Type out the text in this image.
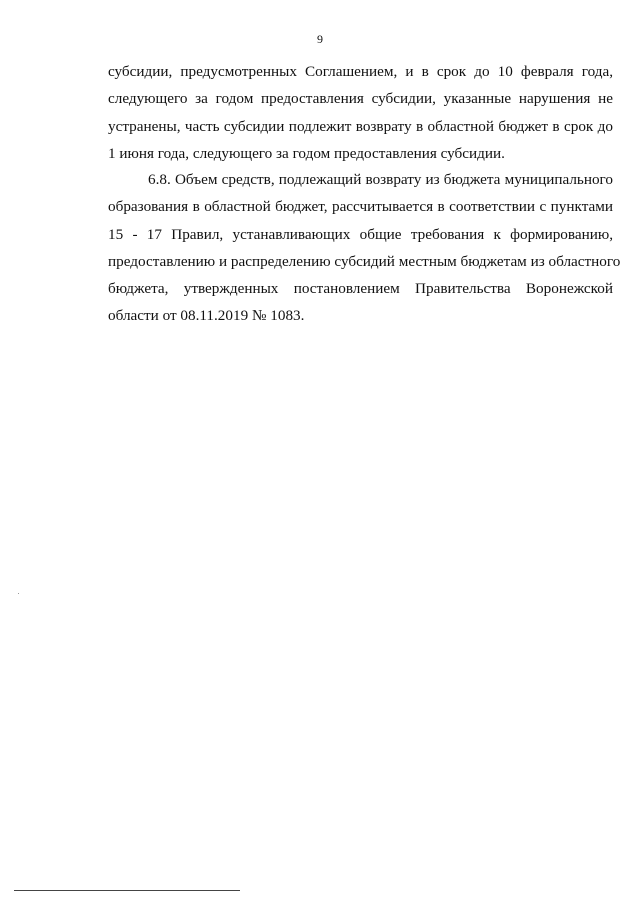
9
субсидии, предусмотренных Соглашением, и в срок до 10 февраля года,
следующего за годом предоставления субсидии, указанные нарушения не
устранены, часть субсидии подлежит возврату в областной бюджет в срок до
1 июня года, следующего за годом предоставления субсидии.
6.8. Объем средств, подлежащий возврату из бюджета муниципального
образования в областной бюджет, рассчитывается в соответствии с пунктами
15 - 17 Правил, устанавливающих общие требования к формированию,
предоставлению и распределению субсидий местным бюджетам из областного
бюджета, утвержденных постановлением Правительства Воронежской
области от 08.11.2019 № 1083.
